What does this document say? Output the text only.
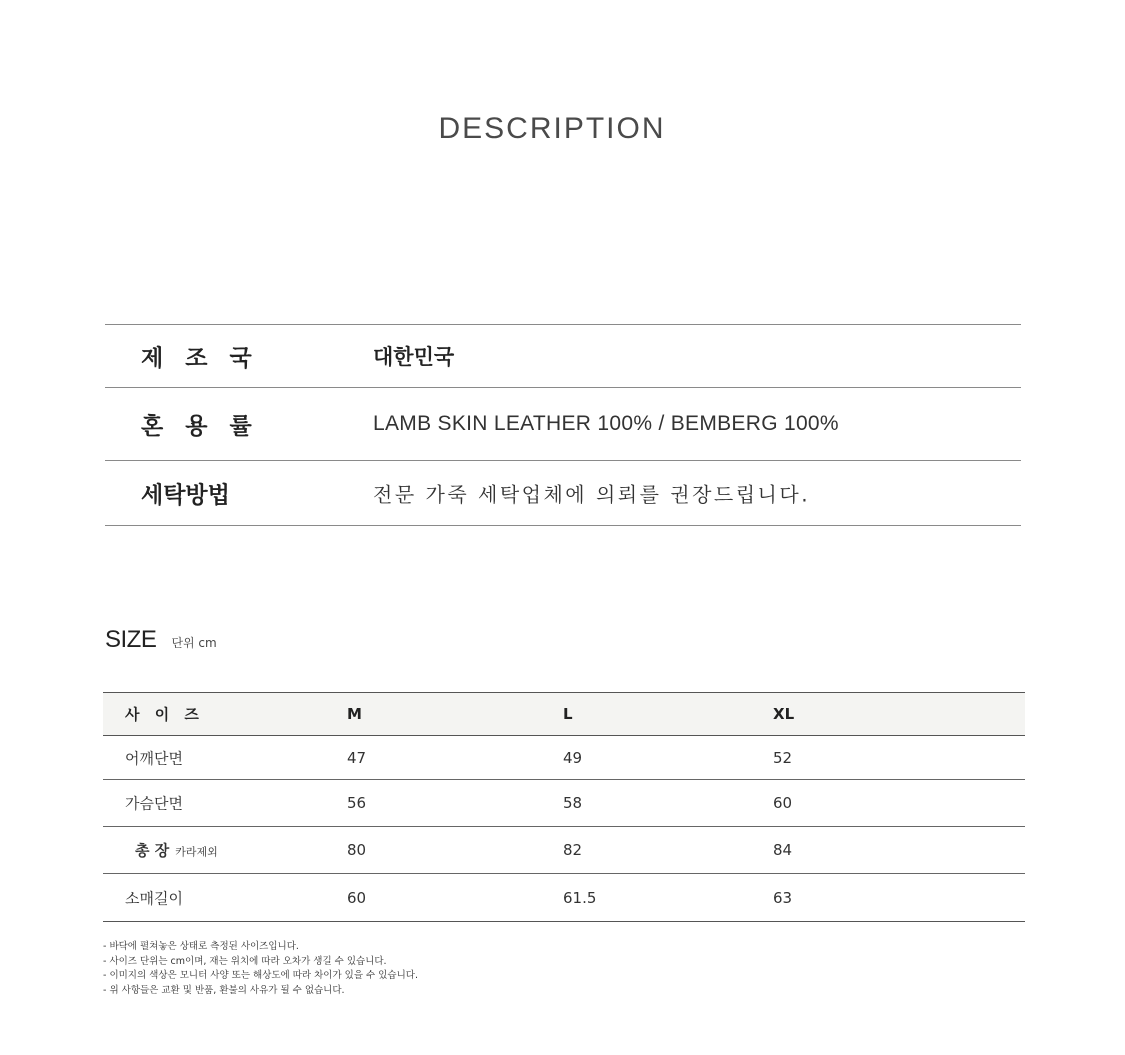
DESCRIPTION
제 조 국	대한민국
혼 용 률	LAMB SKIN LEATHER 100% / BEMBERG 100%
세탁방법	전문 가죽 세탁업체에 의뢰를 권장드립니다.
SIZE 단위 cm
사 이 즈	M	L	XL
어깨단면	47	49	52
가슴단면	56	58	60
총 장 카라제외	80	82	84
소매길이	60	61.5	63
- 바닥에 펼쳐놓은 상태로 측정된 사이즈입니다.
- 사이즈 단위는 cm이며, 재는 위치에 따라 오차가 생길 수 있습니다.
- 이미지의 색상은 모니터 사양 또는 해상도에 따라 차이가 있을 수 있습니다.
- 위 사항들은 교환 및 반품, 환불의 사유가 될 수 없습니다.
